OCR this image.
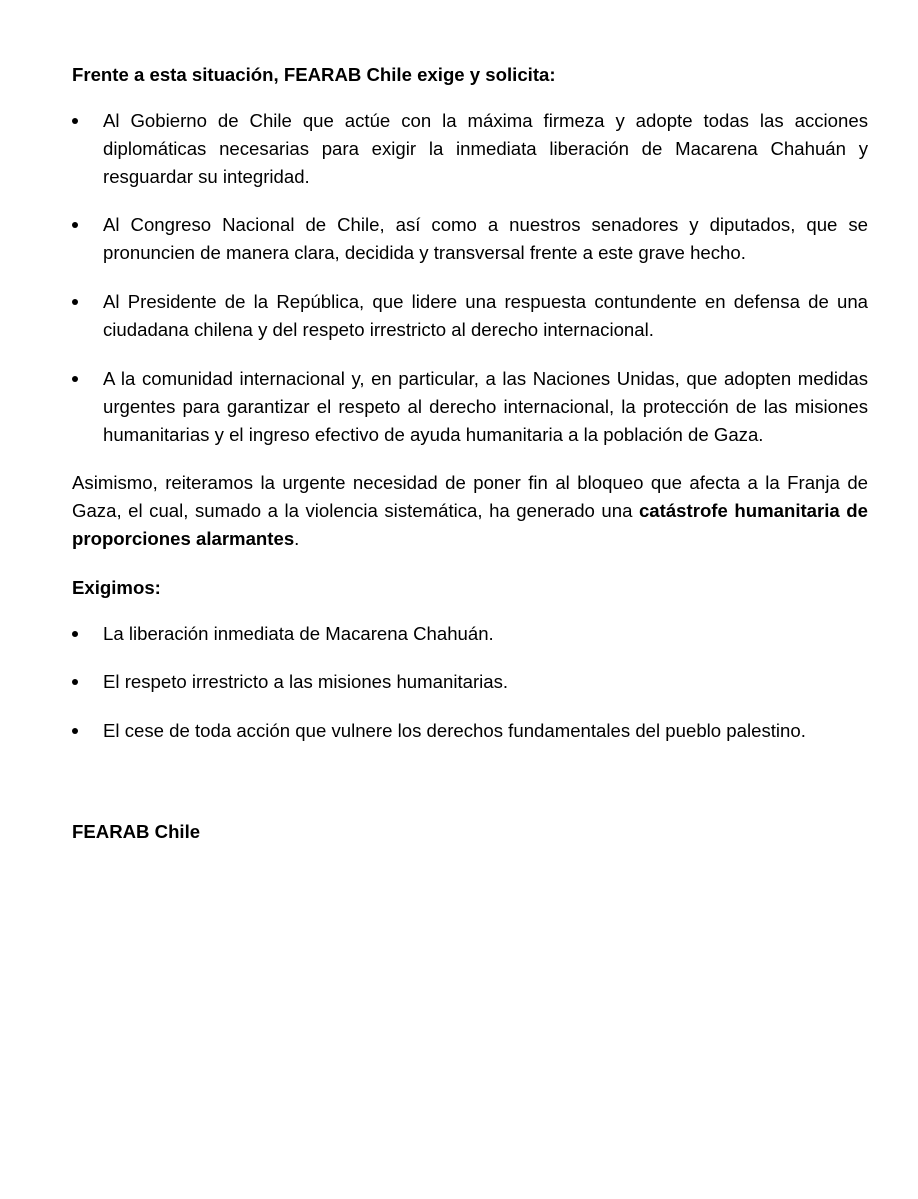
Frente a esta situación, FEARAB Chile exige y solicita:
Al Gobierno de Chile que actúe con la máxima firmeza y adopte todas las acciones diplomáticas necesarias para exigir la inmediata liberación de Macarena Chahuán y resguardar su integridad.
Al Congreso Nacional de Chile, así como a nuestros senadores y diputados, que se pronuncien de manera clara, decidida y transversal frente a este grave hecho.
Al Presidente de la República, que lidere una respuesta contundente en defensa de una ciudadana chilena y del respeto irrestricto al derecho internacional.
A la comunidad internacional y, en particular, a las Naciones Unidas, que adopten medidas urgentes para garantizar el respeto al derecho internacional, la protección de las misiones humanitarias y el ingreso efectivo de ayuda humanitaria a la población de Gaza.
Asimismo, reiteramos la urgente necesidad de poner fin al bloqueo que afecta a la Franja de Gaza, el cual, sumado a la violencia sistemática, ha generado una catástrofe humanitaria de proporciones alarmantes.
Exigimos:
La liberación inmediata de Macarena Chahuán.
El respeto irrestricto a las misiones humanitarias.
El cese de toda acción que vulnere los derechos fundamentales del pueblo palestino.
FEARAB Chile
